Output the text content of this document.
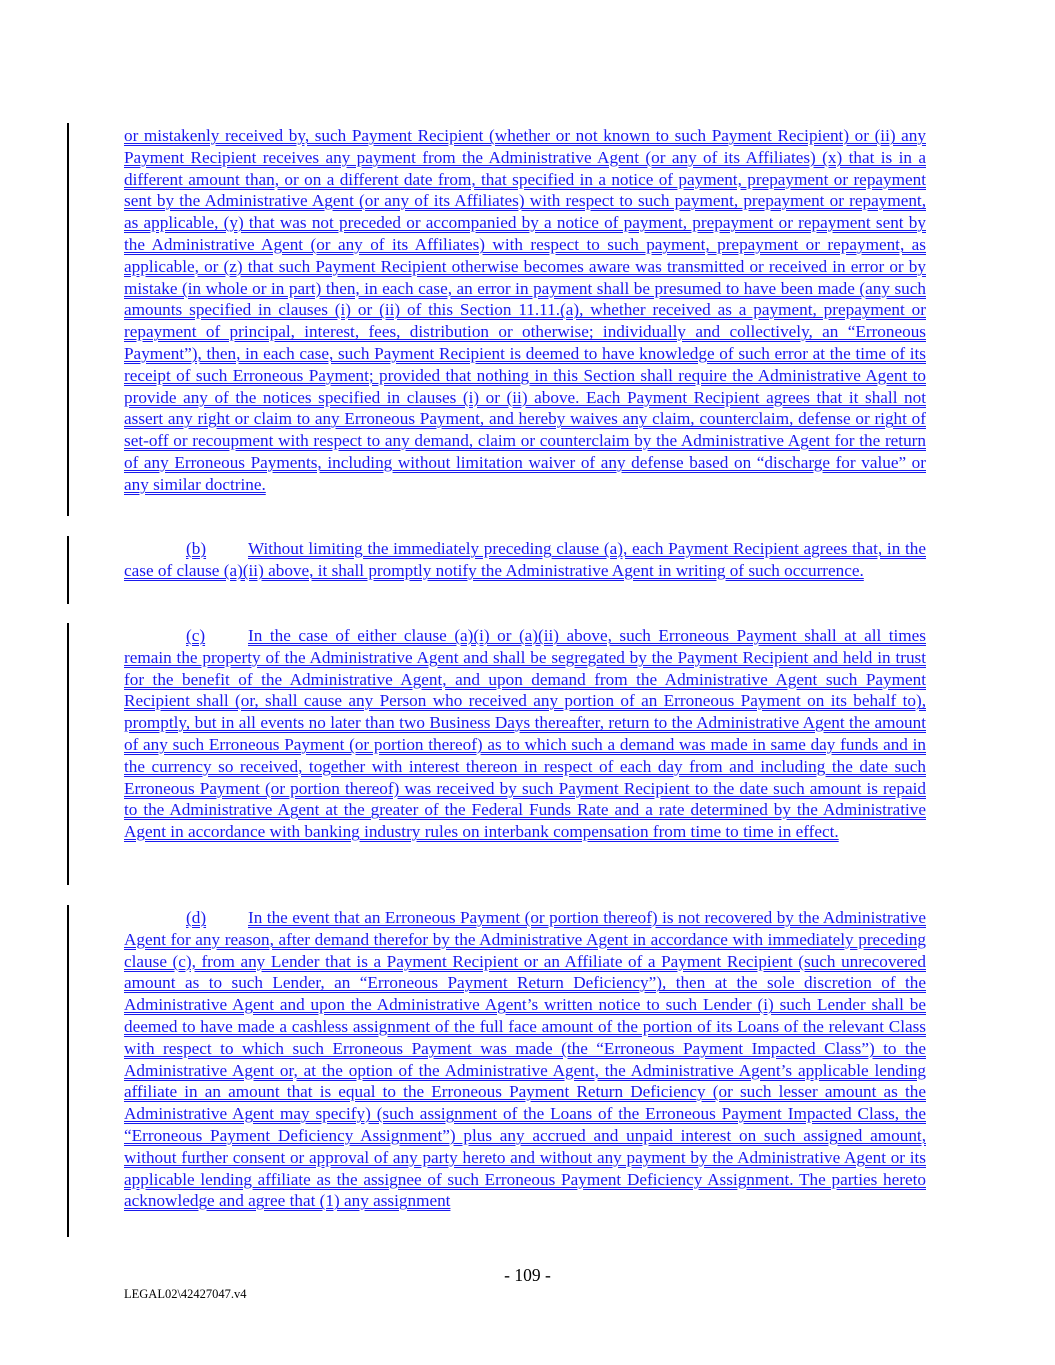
or mistakenly received by, such Payment Recipient (whether or not known to such Payment Recipient) or (ii) any Payment Recipient receives any payment from the Administrative Agent (or any of its Affiliates) (x) that is in a different amount than, or on a different date from, that specified in a notice of payment, prepayment or repayment sent by the Administrative Agent (or any of its Affiliates) with respect to such payment, prepayment or repayment, as applicable, (y) that was not preceded or accompanied by a notice of payment, prepayment or repayment sent by the Administrative Agent (or any of its Affiliates) with respect to such payment, prepayment or repayment, as applicable, or (z) that such Payment Recipient otherwise becomes aware was transmitted or received in error or by mistake (in whole or in part) then, in each case, an error in payment shall be presumed to have been made (any such amounts specified in clauses (i) or (ii) of this Section 11.11.(a), whether received as a payment, prepayment or repayment of principal, interest, fees, distribution or otherwise; individually and collectively, an “Erroneous Payment”), then, in each case, such Payment Recipient is deemed to have knowledge of such error at the time of its receipt of such Erroneous Payment; provided that nothing in this Section shall require the Administrative Agent to provide any of the notices specified in clauses (i) or (ii) above. Each Payment Recipient agrees that it shall not assert any right or claim to any Erroneous Payment, and hereby waives any claim, counterclaim, defense or right of set-off or recoupment with respect to any demand, claim or counterclaim by the Administrative Agent for the return of any Erroneous Payments, including without limitation waiver of any defense based on “discharge for value” or any similar doctrine.

(b) Without limiting the immediately preceding clause (a), each Payment Recipient agrees that, in the case of clause (a)(ii) above, it shall promptly notify the Administrative Agent in writing of such occurrence.

(c) In the case of either clause (a)(i) or (a)(ii) above, such Erroneous Payment shall at all times remain the property of the Administrative Agent and shall be segregated by the Payment Recipient and held in trust for the benefit of the Administrative Agent, and upon demand from the Administrative Agent such Payment Recipient shall (or, shall cause any Person who received any portion of an Erroneous Payment on its behalf to), promptly, but in all events no later than two Business Days thereafter, return to the Administrative Agent the amount of any such Erroneous Payment (or portion thereof) as to which such a demand was made in same day funds and in the currency so received, together with interest thereon in respect of each day from and including the date such Erroneous Payment (or portion thereof) was received by such Payment Recipient to the date such amount is repaid to the Administrative Agent at the greater of the Federal Funds Rate and a rate determined by the Administrative Agent in accordance with banking industry rules on interbank compensation from time to time in effect.

(d) In the event that an Erroneous Payment (or portion thereof) is not recovered by the Administrative Agent for any reason, after demand therefor by the Administrative Agent in accordance with immediately preceding clause (c), from any Lender that is a Payment Recipient or an Affiliate of a Payment Recipient (such unrecovered amount as to such Lender, an “Erroneous Payment Return Deficiency”), then at the sole discretion of the Administrative Agent and upon the Administrative Agent’s written notice to such Lender (i) such Lender shall be deemed to have made a cashless assignment of the full face amount of the portion of its Loans of the relevant Class with respect to which such Erroneous Payment was made (the “Erroneous Payment Impacted Class”) to the Administrative Agent or, at the option of the Administrative Agent, the Administrative Agent’s applicable lending affiliate in an amount that is equal to the Erroneous Payment Return Deficiency (or such lesser amount as the Administrative Agent may specify) (such assignment of the Loans of the Erroneous Payment Impacted Class, the “Erroneous Payment Deficiency Assignment”) plus any accrued and unpaid interest on such assigned amount, without further consent or approval of any party hereto and without any payment by the Administrative Agent or its applicable lending affiliate as the assignee of such Erroneous Payment Deficiency Assignment. The parties hereto acknowledge and agree that (1) any assignment

- 109 -
LEGAL02\42427047.v4
